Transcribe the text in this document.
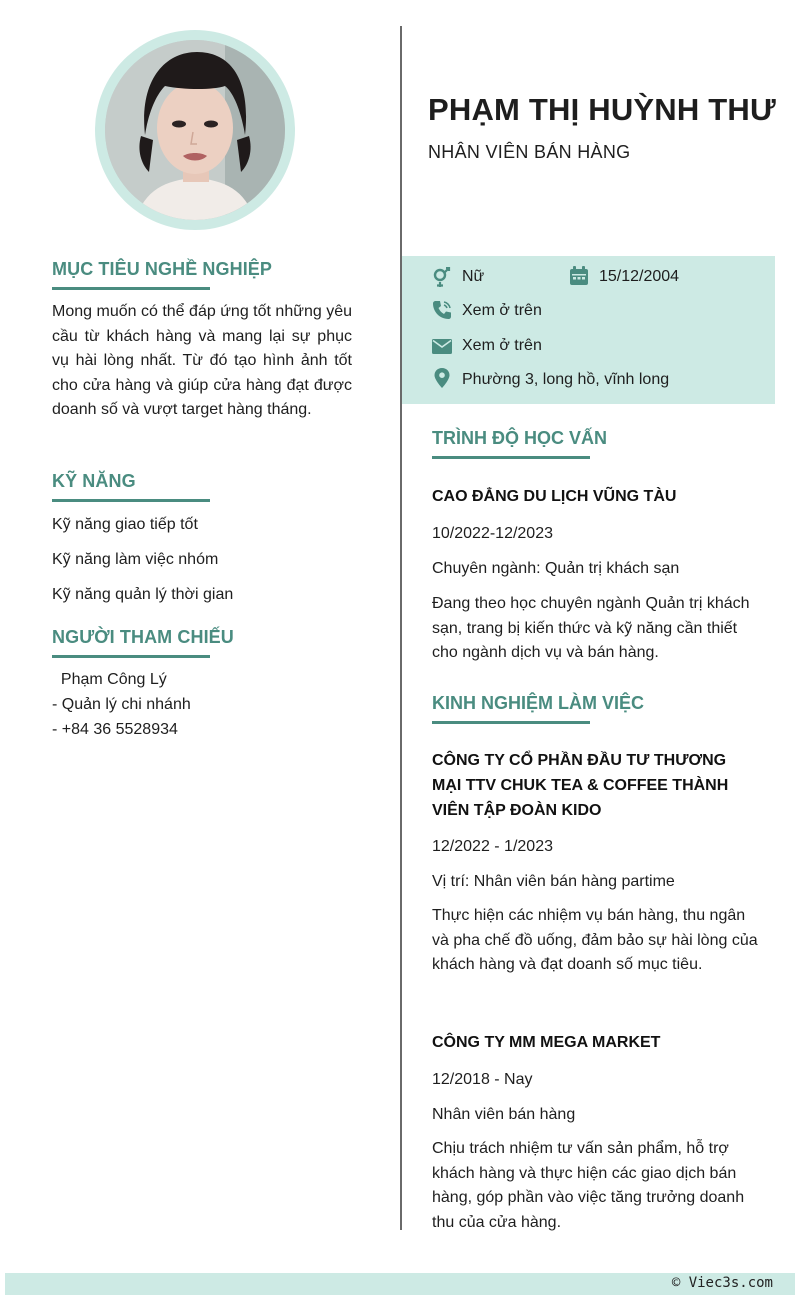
MỤC TIÊU NGHỀ NGHIỆP
Mong muốn có thể đáp ứng tốt những yêu cầu từ khách hàng và mang lại sự phục vụ hài lòng nhất. Từ đó tạo hình ảnh tốt cho cửa hàng và giúp cửa hàng đạt được doanh số và vượt target hàng tháng.
KỸ NĂNG
Kỹ năng giao tiếp tốt
Kỹ năng làm việc nhóm
Kỹ năng quản lý thời gian
NGƯỜI THAM CHIẾU
Phạm Công Lý
- Quản lý chi nhánh
- +84 36 5528934
PHẠM THỊ HUỲNH THƯ
NHÂN VIÊN BÁN HÀNG
Nữ	15/12/2004
Xem ở trên
Xem ở trên
Phường 3, long hồ, vĩnh long
TRÌNH ĐỘ HỌC VẤN
CAO ĐẲNG DU LỊCH VŨNG TÀU
10/2022-12/2023
Chuyên ngành: Quản trị khách sạn
Đang theo học chuyên ngành Quản trị khách sạn, trang bị kiến thức và kỹ năng cần thiết cho ngành dịch vụ và bán hàng.
KINH NGHIỆM LÀM VIỆC
CÔNG TY CỔ PHẦN ĐẦU TƯ THƯƠNG MẠI TTV CHUK TEA & COFFEE THÀNH VIÊN TẬP ĐOÀN KIDO
12/2022 - 1/2023
Vị trí: Nhân viên bán hàng partime
Thực hiện các nhiệm vụ bán hàng, thu ngân và pha chế đồ uống, đảm bảo sự hài lòng của khách hàng và đạt doanh số mục tiêu.
CÔNG TY MM MEGA MARKET
12/2018 - Nay
Nhân viên bán hàng
Chịu trách nhiệm tư vấn sản phẩm, hỗ trợ khách hàng và thực hiện các giao dịch bán hàng, góp phần vào việc tăng trưởng doanh thu của cửa hàng.
© Viec3s.com
